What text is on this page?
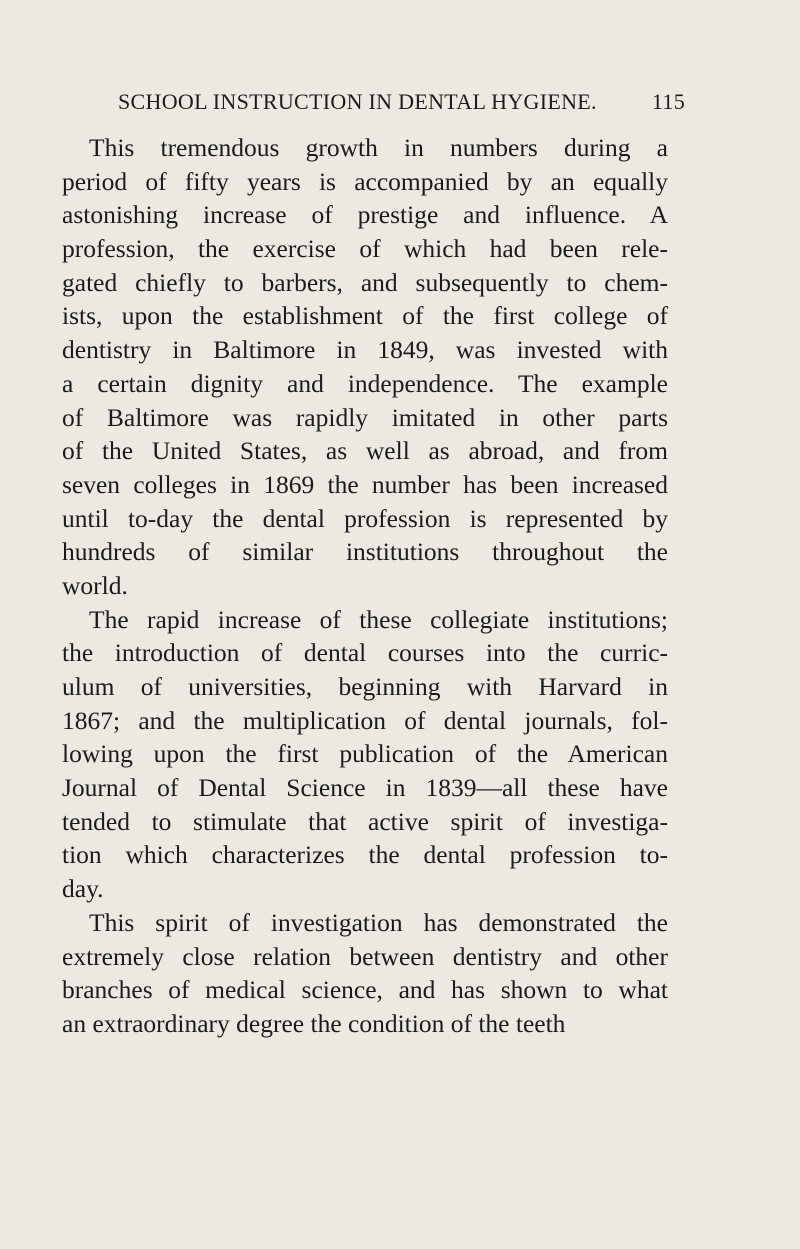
SCHOOL INSTRUCTION IN DENTAL HYGIENE.	115
This tremendous growth in numbers during a
period of fifty years is accompanied by an equally
astonishing increase of prestige and influence. A
profession, the exercise of which had been rele-
gated chiefly to barbers, and subsequently to chem-
ists, upon the establishment of the first college of
dentistry in Baltimore in 1849, was invested with
a certain dignity and independence. The example
of Baltimore was rapidly imitated in other parts
of the United States, as well as abroad, and from
seven colleges in 1869 the number has been increased
until to-day the dental profession is represented by
hundreds of similar institutions throughout the
world.
The rapid increase of these collegiate institutions;
the introduction of dental courses into the curric-
ulum of universities, beginning with Harvard in
1867; and the multiplication of dental journals, fol-
lowing upon the first publication of the American
Journal of Dental Science in 1839—all these have
tended to stimulate that active spirit of investiga-
tion which characterizes the dental profession to-
day.
This spirit of investigation has demonstrated the
extremely close relation between dentistry and other
branches of medical science, and has shown to what
an extraordinary degree the condition of the teeth
